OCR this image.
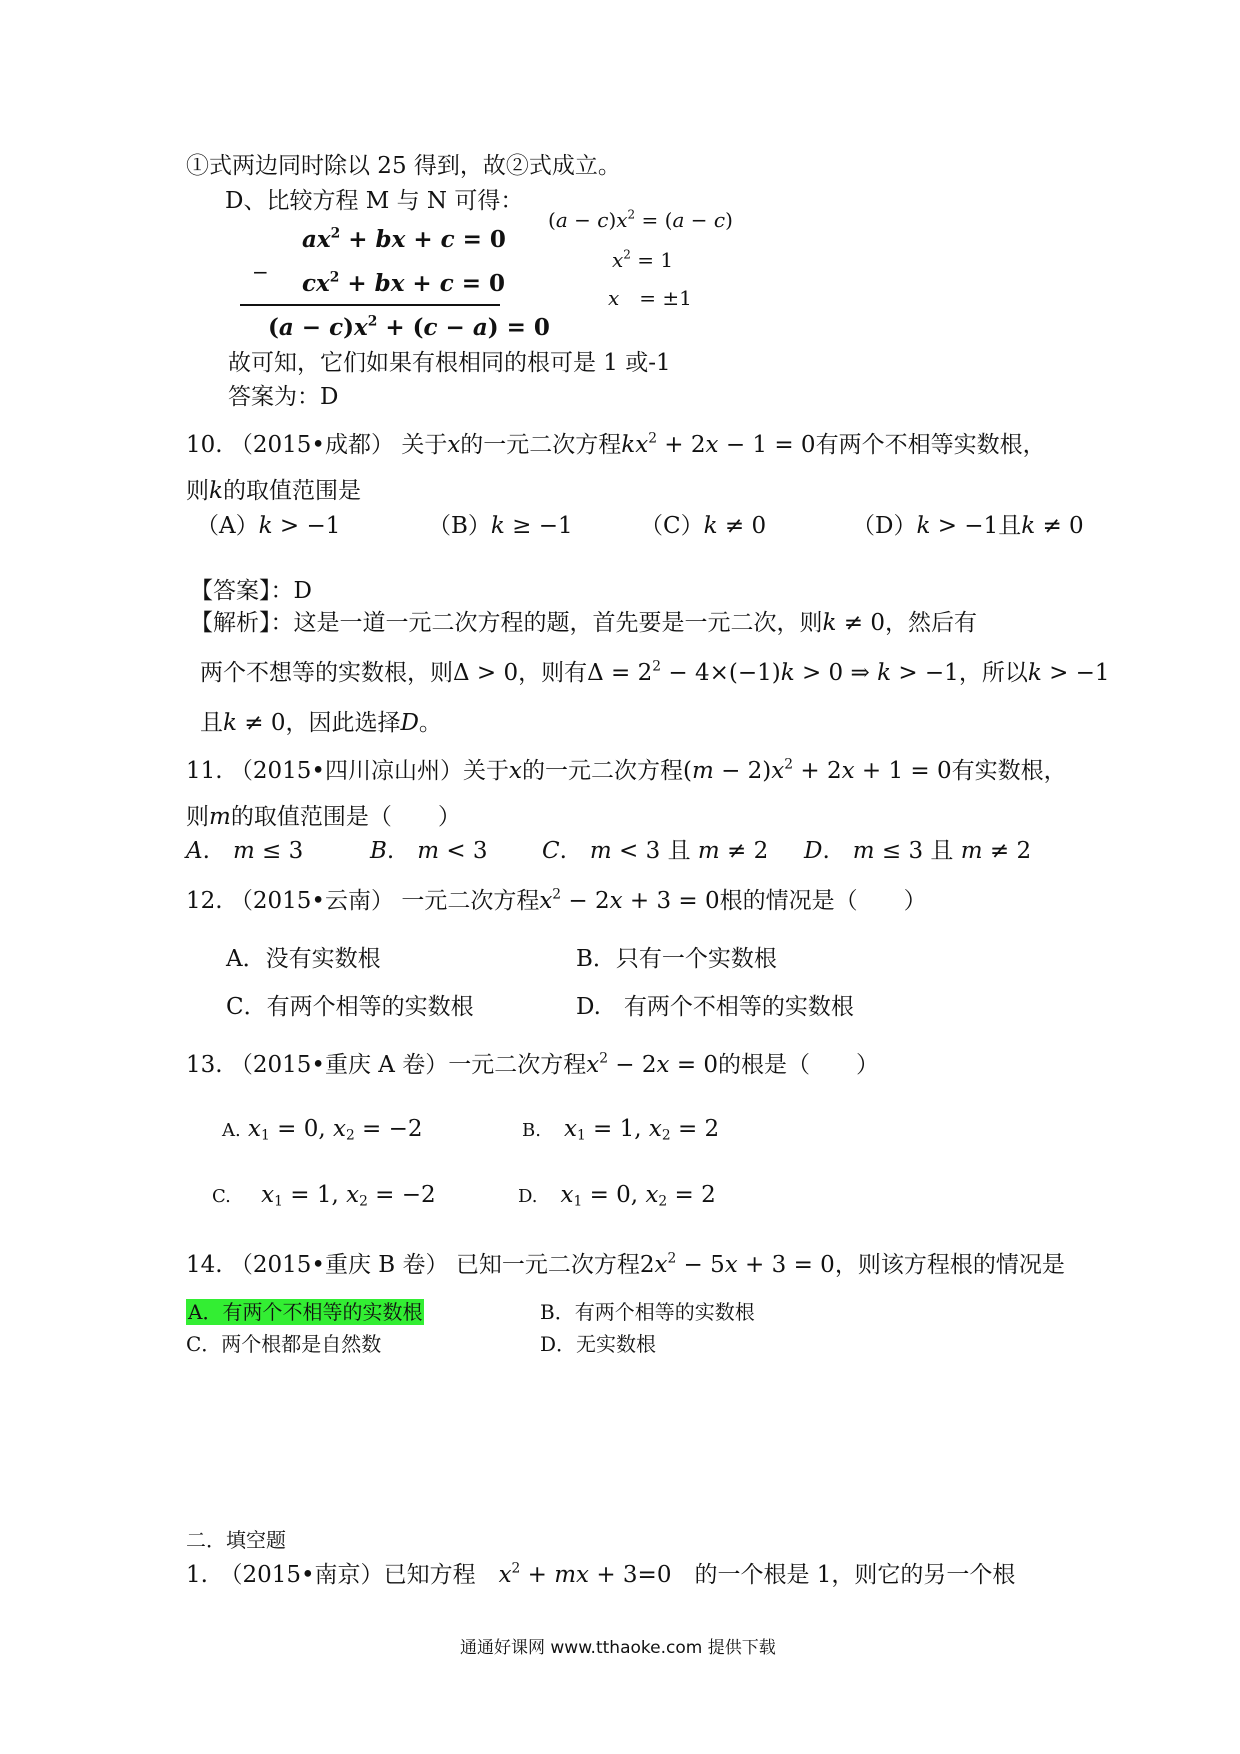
①式两边同时除以 25 得到，故②式成立。
D、比较方程 M 与 N 可得：
$ax^2$ + bx + c = 0
− $cx^2$ + bx + c = 0
$(a - c)x^2 + (c - a) = 0$
$(a - c)x^2 = (a - c)$
$x^2 = 1$
x　= ±1
故可知，它们如果有根相同的根可是 1 或-1
答案为：D
10. （2015•成都） 关于x的一元二次方程$kx^2 + 2x - 1 = 0$有两个不相等实数根，
则k的取值范围是
（A）k > −1	（B）k ≥ −1	（C）k ≠ 0	（D）k > −1且k ≠ 0
【答案】：D
【解析】：这是一道一元二次方程的题，首先要是一元二次，则k ≠ 0，然后有
两个不想等的实数根，则Δ > 0，则有$\Delta = 2^2 - 4\times(-1)k > 0$ ⇒ k > −1，所以k > −1
且k ≠ 0，因此选择D。
11. （2015•四川凉山州）关于x的一元二次方程$(m - 2)x^2 + 2x + 1 = 0$有实数根，
则m的取值范围是（　　）
A.　m ≤ 3	B.　m < 3 C.　m < 3 且 m ≠ 2 D.　m ≤ 3 且 m ≠ 2
12. （2015•云南） 一元二次方程$x^2 - 2x + 3 = 0$根的情况是（　　）
A．没有实数根	B．只有一个实数根
C．有两个相等的实数根	D.　有两个不相等的实数根
13. （2015•重庆 A 卷）一元二次方程$x^2 - 2x = 0$的根是（　　）
A. $x_1 = 0$, $x_2 = -2$	B.　 $x_1 = 1$, $x_2 = 2$
C.　 $x_1 = 1$, $x_2 = -2$	D.　 $x_1 = 0$, $x_2 = 2$
14. （2015•重庆 B 卷） 已知一元二次方程$2x^2 - 5x + 3 = 0$，则该方程根的情况是
A．有两个不相等的实数根	B．有两个相等的实数根
C．两个根都是自然数	D．无实数根
二．填空题
1.　 （2015•南京）已知方程　 $x^2$ + mx + 3=0　 的一个根是 1，则它的另一个根
通通好课网 www.tthaoke.com 提供下载
